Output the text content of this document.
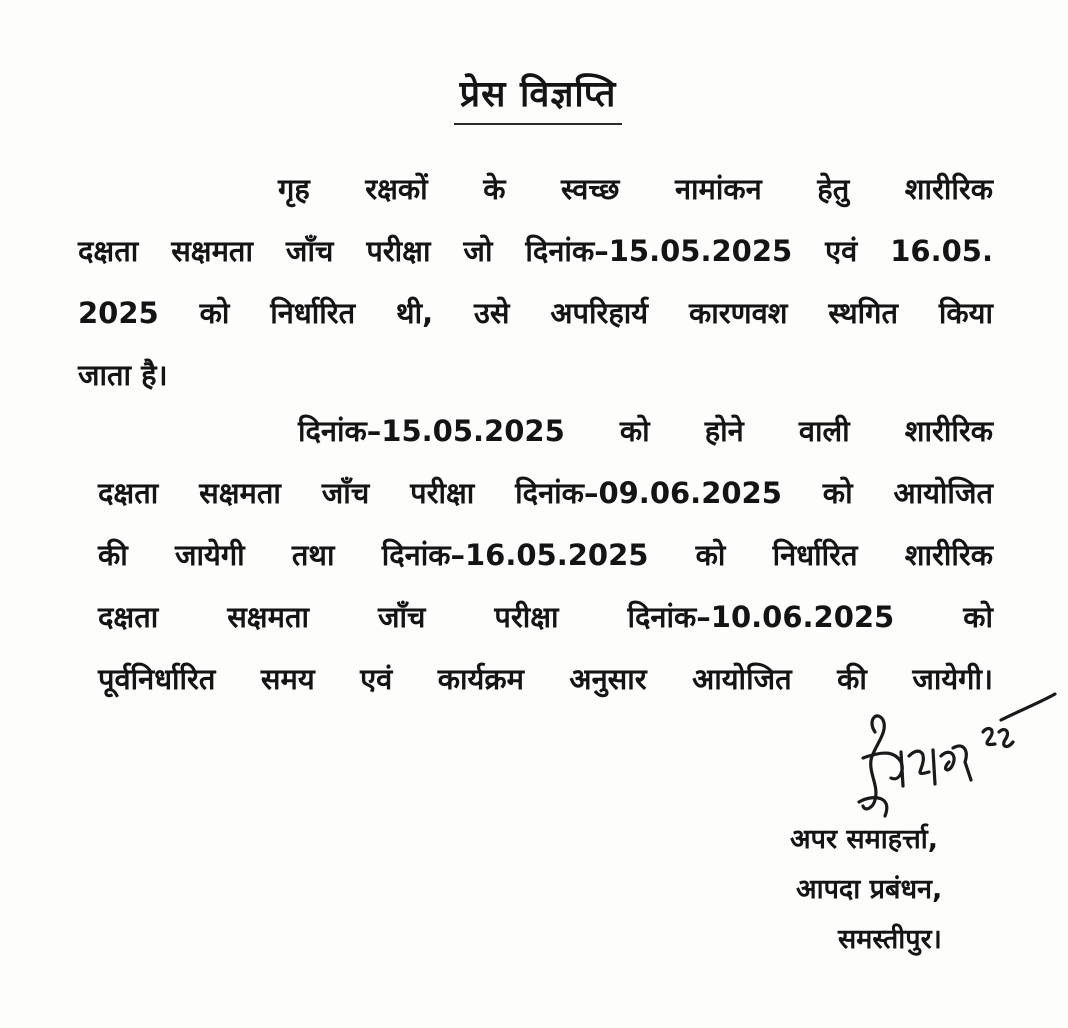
प्रेस विज्ञप्ति
गृह रक्षकों के स्वच्छ नामांकन हेतु शारीरिक
दक्षता सक्षमता जाँच परीक्षा जो दिनांक–15.05.2025 एवं 16.05.
2025 को निर्धारित थी, उसे अपरिहार्य कारणवश स्थगित किया
जाता है।
दिनांक–15.05.2025 को होने वाली शारीरिक
दक्षता सक्षमता जाँच परीक्षा दिनांक–09.06.2025 को आयोजित
की जायेगी तथा दिनांक–16.05.2025 को निर्धारित शारीरिक
दक्षता सक्षमता जाँच परीक्षा दिनांक–10.06.2025 को
पूर्वनिर्धारित समय एवं कार्यक्रम अनुसार आयोजित की जायेगी।
अपर समाहर्त्ता,
आपदा प्रबंधन,
समस्तीपुर।
